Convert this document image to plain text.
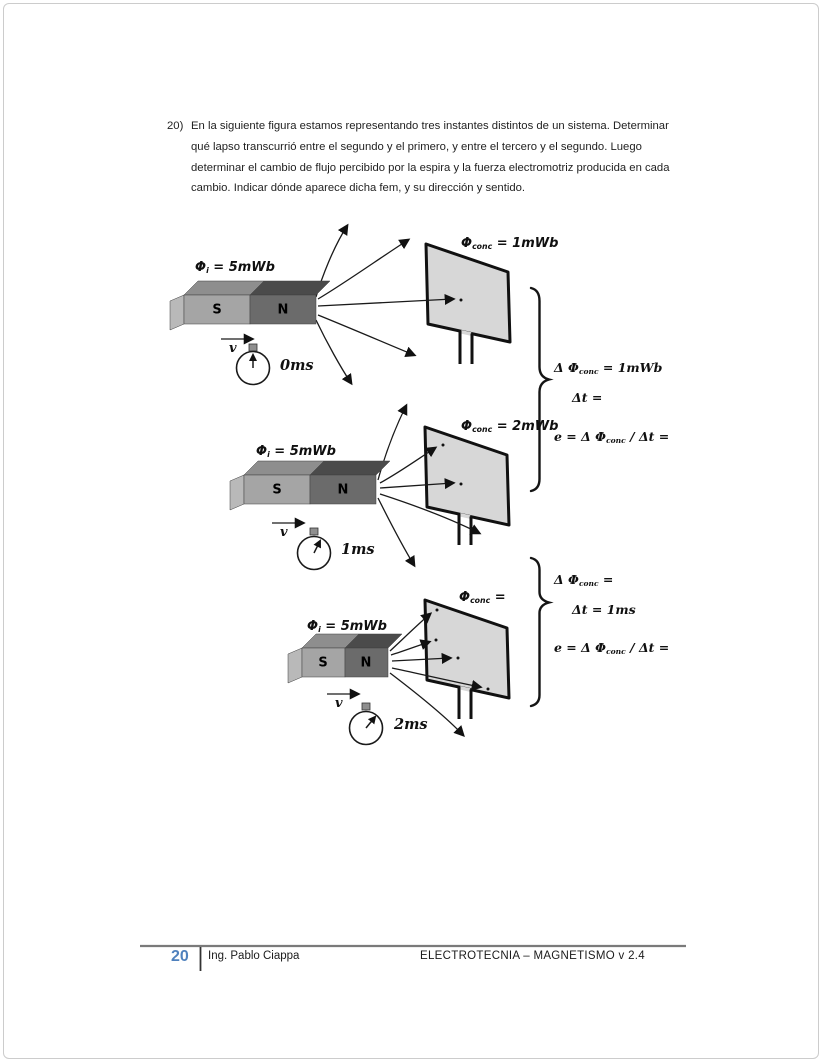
20) En la siguiente figura estamos representando tres instantes distintos de un sistema. Determinar qué lapso transcurrió entre el segundo y el primero, y entre el tercero y el segundo. Luego determinar el cambio de flujo percibido por la espira y la fuerza electromotriz producida en cada cambio. Indicar dónde aparece dicha fem, y su dirección y sentido.
$\Phi_i = 5mWb$
$\Phi_{conc} = 1mWb$
S	N
v
0ms
$\Phi_i = 5mWb$
$\Phi_{conc} = 2mWb$
S	N
v
1ms
$\Phi_i = 5mWb$
$\Phi_{conc}$ =
S	N
v
2ms
Δ $\Phi_{conc} = 1mWb$
Δt =
e = Δ $\Phi_{conc}$ / Δt =
Δ $\Phi_{conc}$ =
Δt = 1ms
e = Δ $\Phi_{conc}$ / Δt =
20 Ing. Pablo Ciappa	ELECTROTECNIA – MAGNETISMO v 2.4
